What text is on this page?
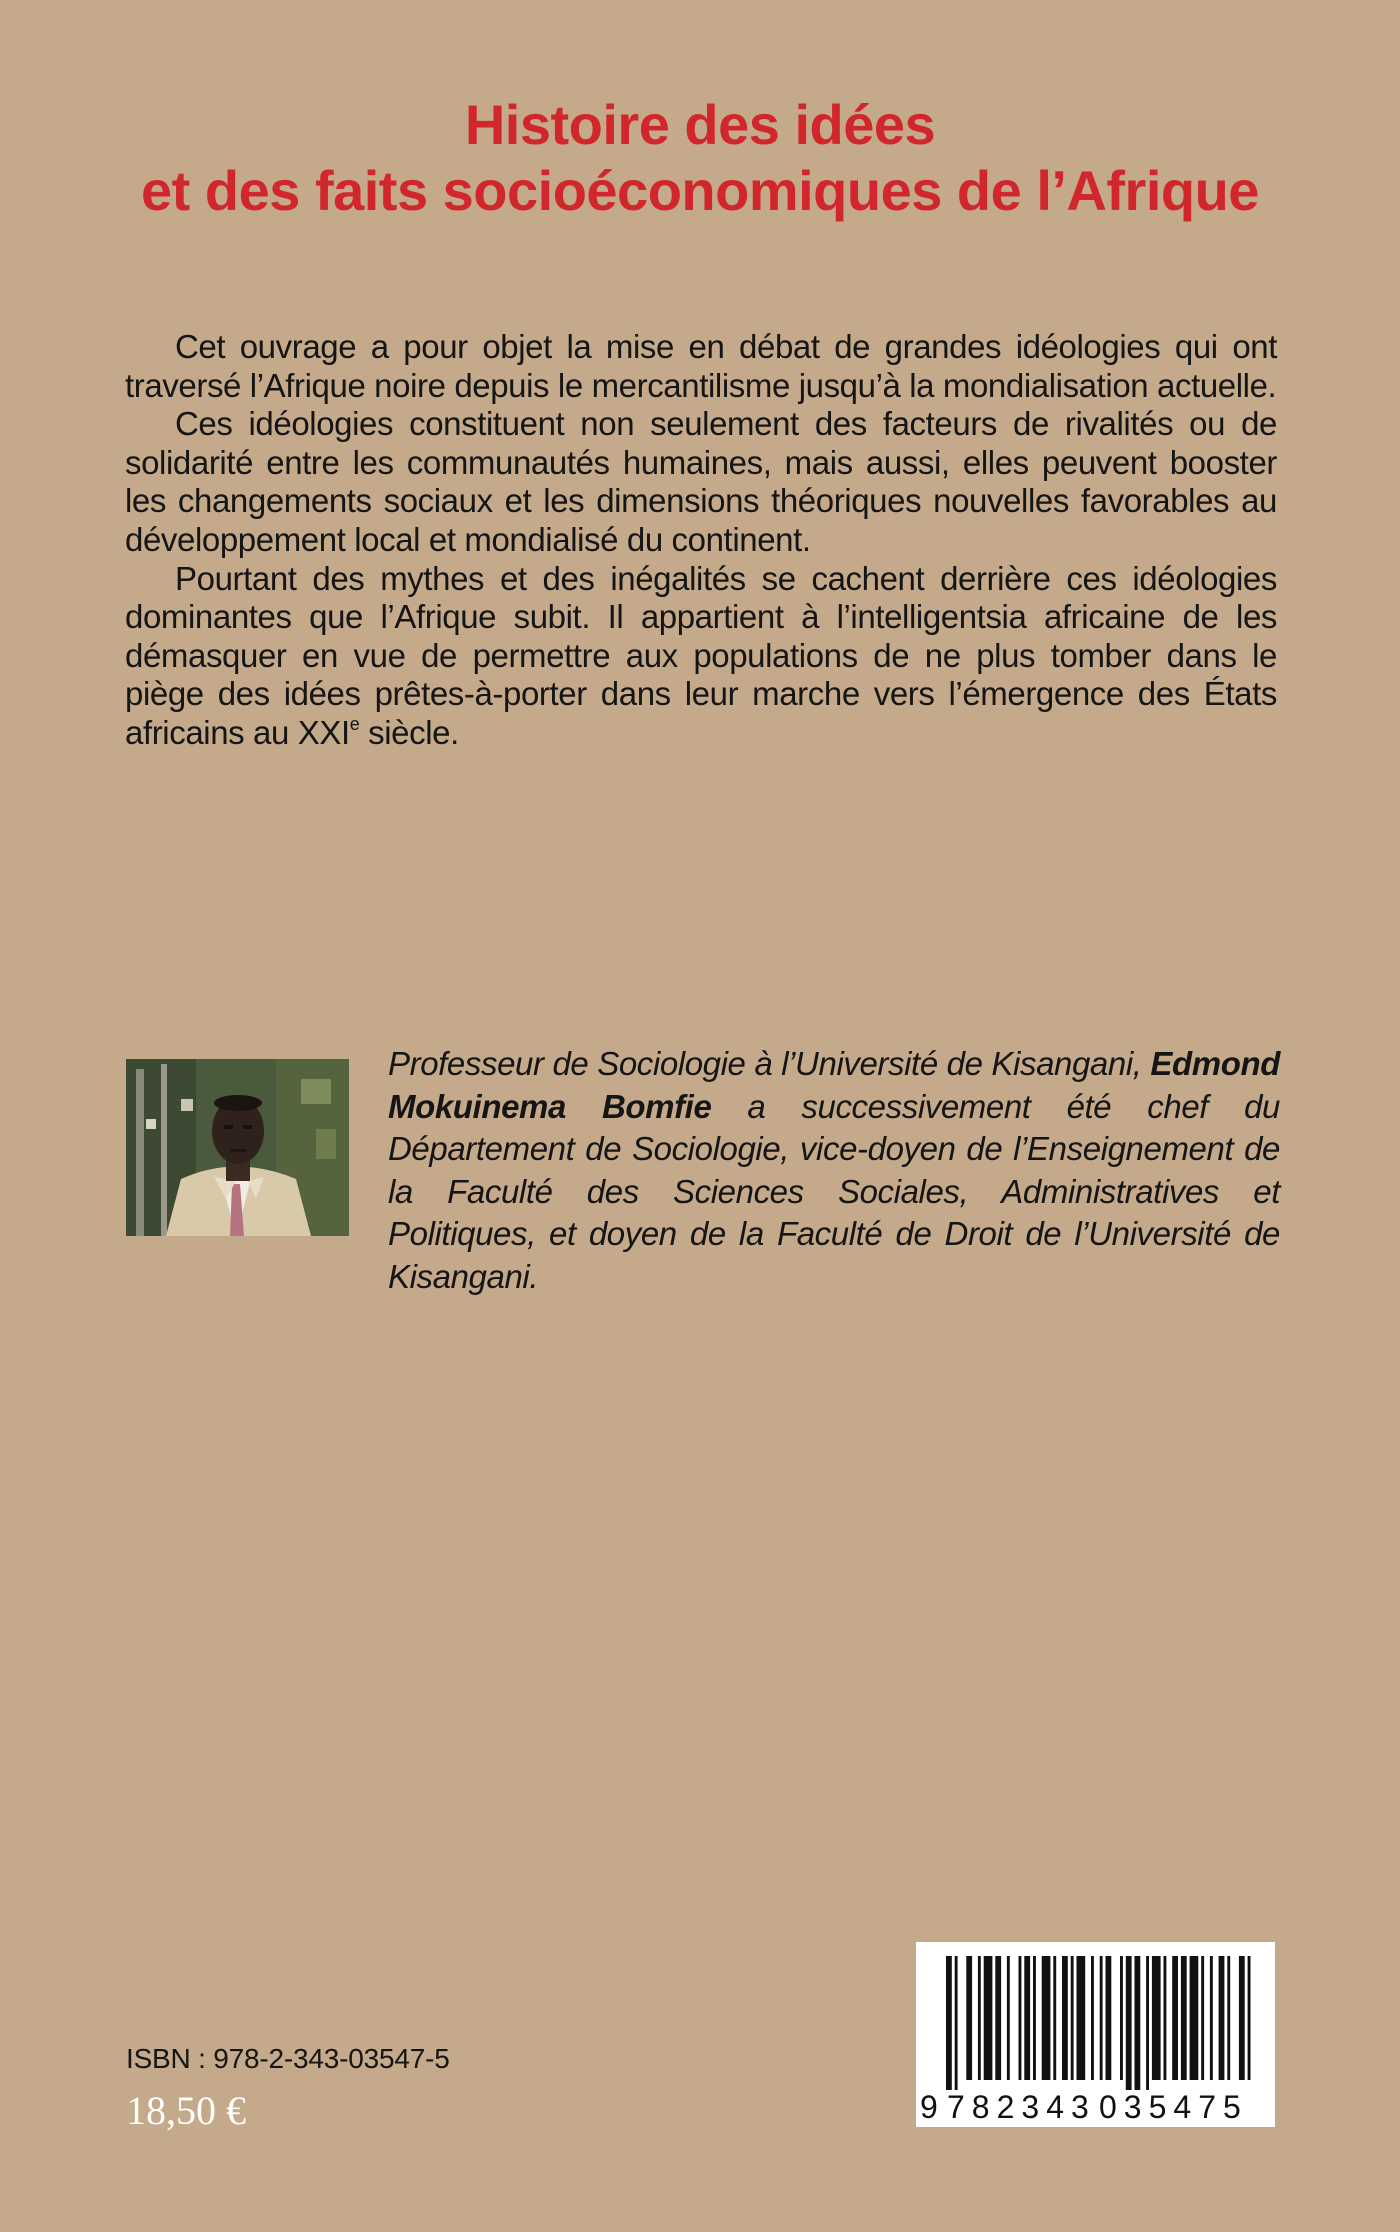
Histoire des idées
et des faits socioéconomiques de l’Afrique

Cet ouvrage a pour objet la mise en débat de grandes idéologies qui ont traversé l’Afrique noire depuis le mercantilisme jusqu’à la mondialisation actuelle.

Ces idéologies constituent non seulement des facteurs de rivalités ou de solidarité entre les communautés humaines, mais aussi, elles peuvent booster les changements sociaux et les dimensions théoriques nouvelles favorables au développement local et mondialisé du continent.

Pourtant des mythes et des inégalités se cachent derrière ces idéologies dominantes que l’Afrique subit. Il appartient à l’intelligentsia africaine de les démasquer en vue de permettre aux populations de ne plus tomber dans le piège des idées prêtes-à-porter dans leur marche vers l’émergence des États africains au XXIe siècle.

Professeur de Sociologie à l’Université de Kisangani, Edmond Mokuinema Bomfie a successivement été chef du Département de Sociologie, vice-doyen de l’Enseignement de la Faculté des Sciences Sociales, Administratives et Politiques, et doyen de la Faculté de Droit de l’Université de Kisangani.

ISBN : 978-2-343-03547-5

18,50 €	9 782343 035475
